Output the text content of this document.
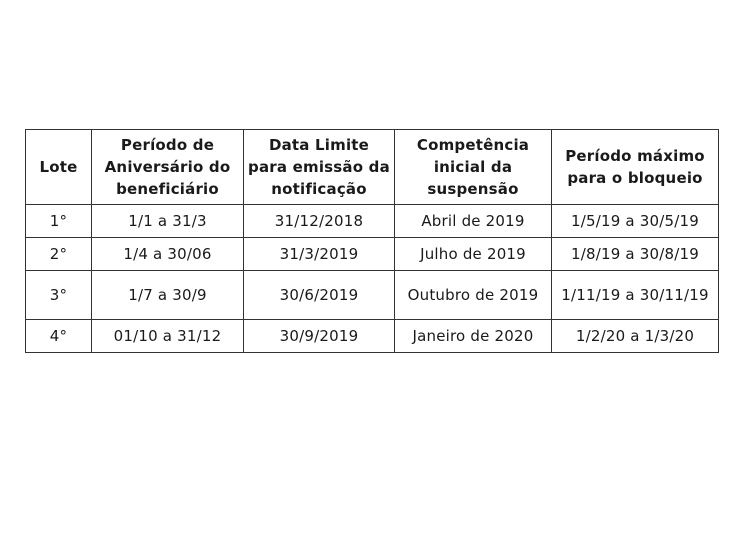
Lote	Período de Aniversário do beneficiário	Data Limite para emissão da notificação	Competência inicial da suspensão	Período máximo para o bloqueio
1°	1/1 a 31/3	31/12/2018	Abril de 2019	1/5/19 a 30/5/19
2°	1/4 a 30/06	31/3/2019	Julho de 2019	1/8/19 a 30/8/19
3°	1/7 a 30/9	30/6/2019	Outubro de 2019	1/11/19 a 30/11/19
4°	01/10 a 31/12	30/9/2019	Janeiro de 2020	1/2/20 a 1/3/20
